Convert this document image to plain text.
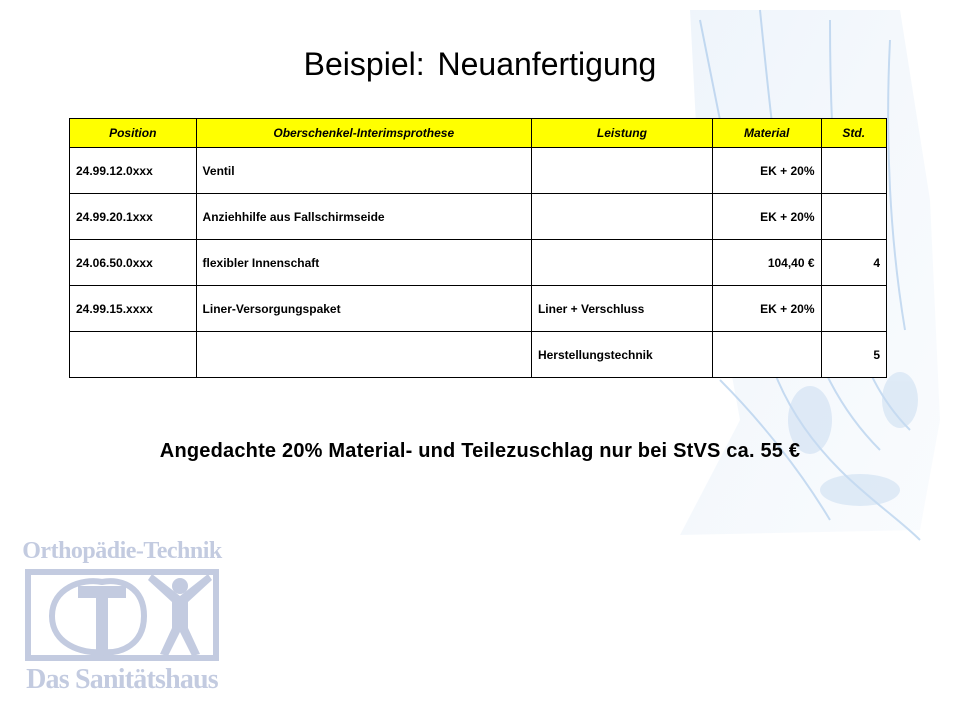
Beispiel: Neuanfertigung
Position	Oberschenkel-Interimsprothese	Leistung	Material	Std.
24.99.12.0xxx	Ventil		EK + 20%	
24.99.20.1xxx	Anziehhilfe aus Fallschirmseide		EK + 20%	
24.06.50.0xxx	flexibler Innenschaft		104,40 €	4
24.99.15.xxxx	Liner-Versorgungspaket	Liner + Verschluss	EK + 20%	
		Herstellungstechnik		5
Angedachte 20% Material- und Teilezuschlag nur bei StVS ca. 55 €
Orthopädie-Technik
Das Sanitätshaus
